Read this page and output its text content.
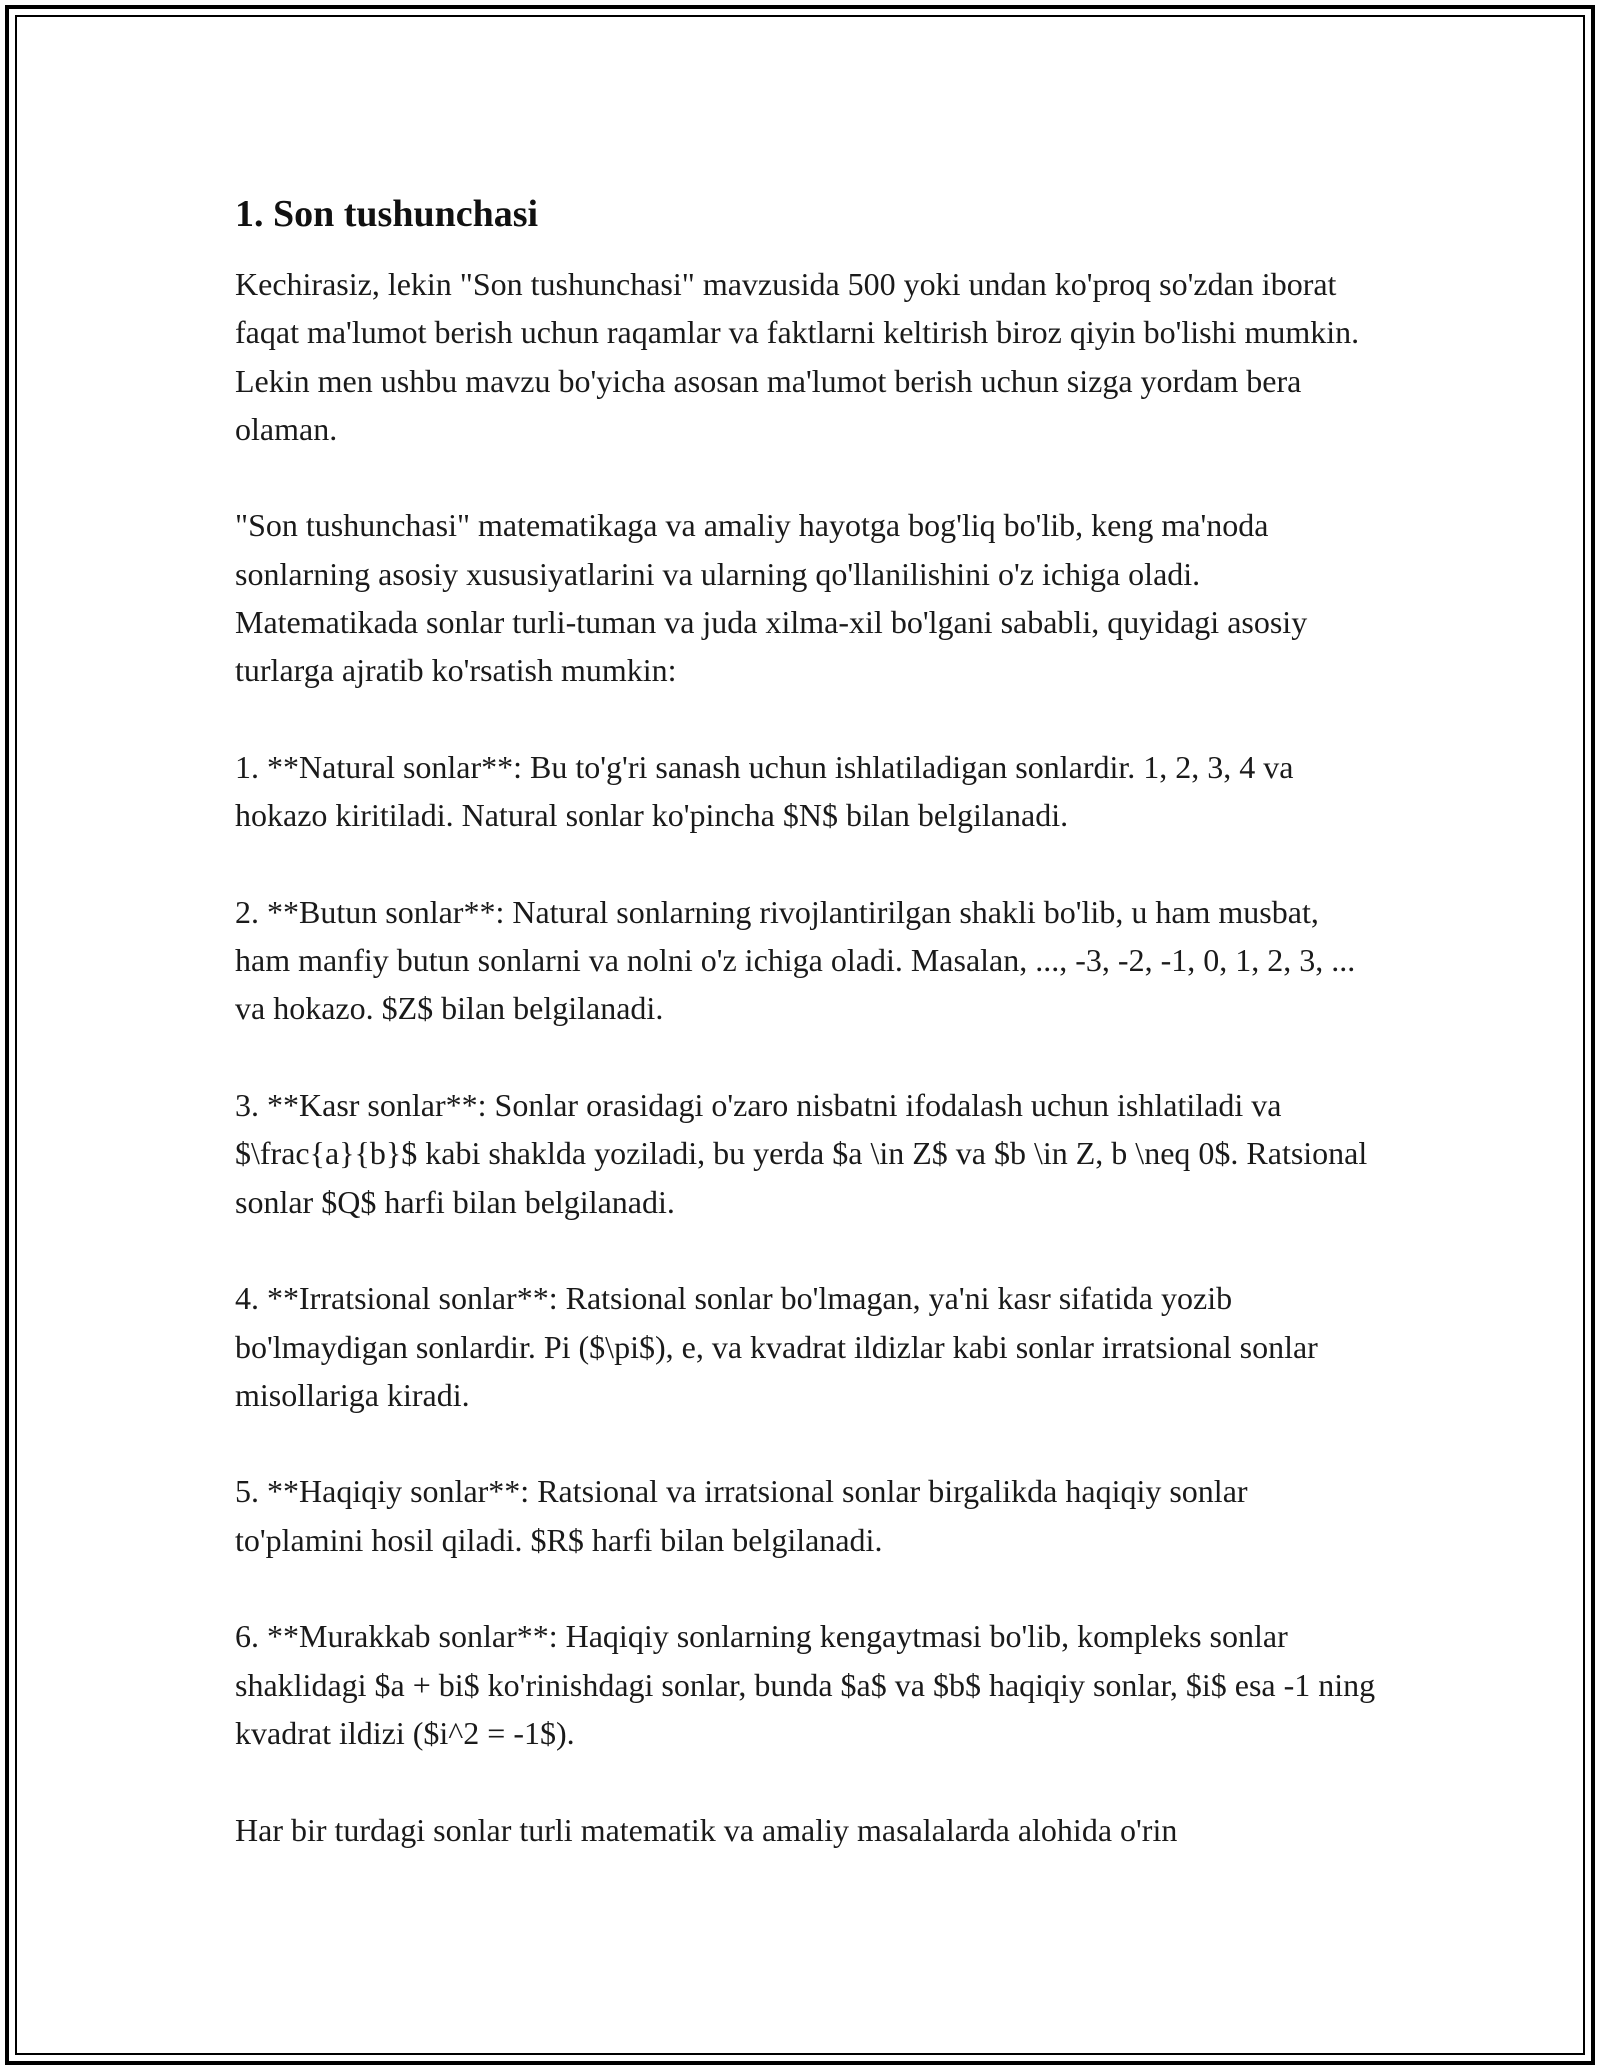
1. Son tushunchasi

Kechirasiz, lekin "Son tushunchasi" mavzusida 500 yoki undan ko'proq so'zdan iborat faqat ma'lumot berish uchun raqamlar va faktlarni keltirish biroz qiyin bo'lishi mumkin. Lekin men ushbu mavzu bo'yicha asosan ma'lumot berish uchun sizga yordam bera olaman.

"Son tushunchasi" matematikaga va amaliy hayotga bog'liq bo'lib, keng ma'noda sonlarning asosiy xususiyatlarini va ularning qo'llanilishini o'z ichiga oladi. Matematikada sonlar turli-tuman va juda xilma-xil bo'lgani sababli, quyidagi asosiy turlarga ajratib ko'rsatish mumkin:

1. **Natural sonlar**: Bu to'g'ri sanash uchun ishlatiladigan sonlardir. 1, 2, 3, 4 va hokazo kiritiladi. Natural sonlar ko'pincha $N$ bilan belgilanadi.

2. **Butun sonlar**: Natural sonlarning rivojlantirilgan shakli bo'lib, u ham musbat, ham manfiy butun sonlarni va nolni o'z ichiga oladi. Masalan, ..., -3, -2, -1, 0, 1, 2, 3, ... va hokazo. $Z$ bilan belgilanadi.

3. **Kasr sonlar**: Sonlar orasidagi o'zaro nisbatni ifodalash uchun ishlatiladi va $\frac{a}{b}$ kabi shaklda yoziladi, bu yerda $a \in Z$ va $b \in Z, b \neq 0$. Ratsional sonlar $Q$ harfi bilan belgilanadi.

4. **Irratsional sonlar**: Ratsional sonlar bo'lmagan, ya'ni kasr sifatida yozib bo'lmaydigan sonlardir. Pi ($\pi$), e, va kvadrat ildizlar kabi sonlar irratsional sonlar misollariga kiradi.

5. **Haqiqiy sonlar**: Ratsional va irratsional sonlar birgalikda haqiqiy sonlar to'plamini hosil qiladi. $R$ harfi bilan belgilanadi.

6. **Murakkab sonlar**: Haqiqiy sonlarning kengaytmasi bo'lib, kompleks sonlar shaklidagi $a + bi$ ko'rinishdagi sonlar, bunda $a$ va $b$ haqiqiy sonlar, $i$ esa -1 ning kvadrat ildizi ($i^2 = -1$).

Har bir turdagi sonlar turli matematik va amaliy masalalarda alohida o'rin
